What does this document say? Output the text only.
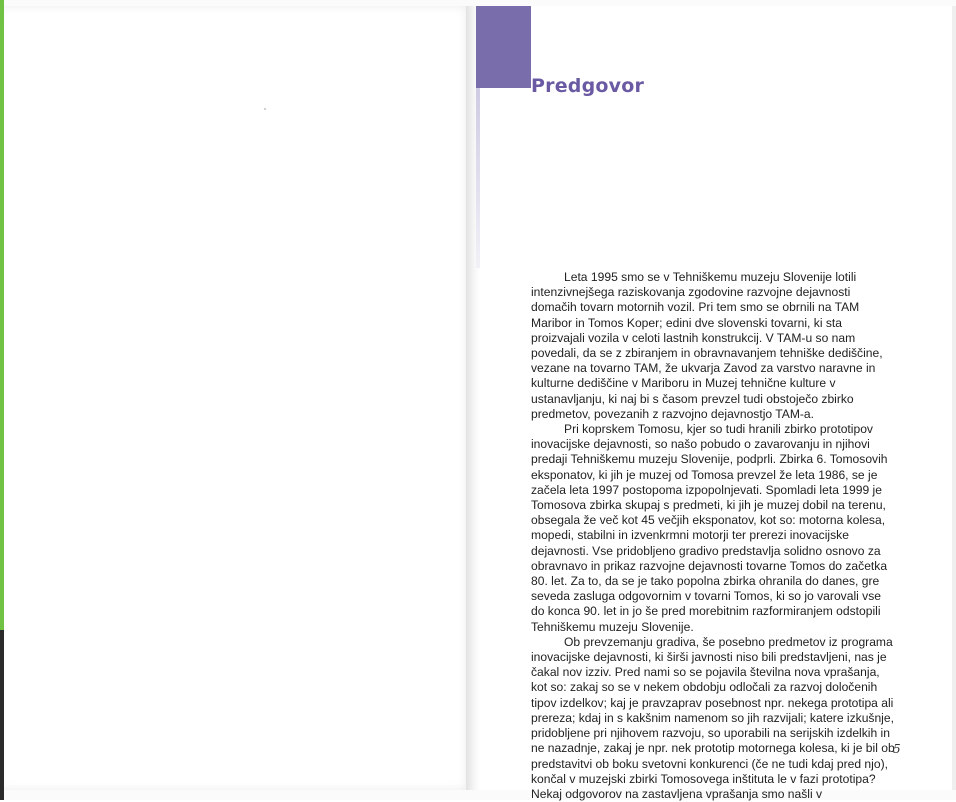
Predgovor

Leta 1995 smo se v Tehniškemu muzeju Slovenije lotili intenzivnejšega raziskovanja zgodovine razvojne dejavnosti domačih tovarn motornih vozil. Pri tem smo se obrnili na TAM Maribor in Tomos Koper; edini dve slovenski tovarni, ki sta proizvajali vozila v celoti lastnih konstrukcij. V TAM-u so nam povedali, da se z zbiranjem in obravnavanjem tehniške dediščine, vezane na tovarno TAM, že ukvarja Zavod za varstvo naravne in kulturne dediščine v Mariboru in Muzej tehnične kulture v ustanavljanju, ki naj bi s časom prevzel tudi obstoječo zbirko predmetov, povezanih z razvojno dejavnostjo TAM-a.

Pri koprskem Tomosu, kjer so tudi hranili zbirko prototipov inovacijske dejavnosti, so našo pobudo o zavarovanju in njihovi predaji Tehniškemu muzeju Slovenije, podprli. Zbirka 6. Tomosovih eksponatov, ki jih je muzej od Tomosa prevzel že leta 1986, se je začela leta 1997 postopoma izpopolnjevati. Spomladi leta 1999 je Tomosova zbirka skupaj s predmeti, ki jih je muzej dobil na terenu, obsegala že več kot 45 večjih eksponatov, kot so: motorna kolesa, mopedi, stabilni in izvenkrmni motorji ter prerezi inovacijske dejavnosti. Vse pridobljeno gradivo predstavlja solidno osnovo za obravnavo in prikaz razvojne dejavnosti tovarne Tomos do začetka 80. let. Za to, da se je tako popolna zbirka ohranila do danes, gre seveda zasluga odgovornim v tovarni Tomos, ki so jo varovali vse do konca 90. let in jo še pred morebitnim razformiranjem odstopili Tehniškemu muzeju Slovenije.

Ob prevzemanju gradiva, še posebno predmetov iz programa inovacijske dejavnosti, ki širši javnosti niso bili predstavljeni, nas je čakal nov izziv. Pred nami so se pojavila številna nova vprašanja, kot so: zakaj so se v nekem obdobju odločali za razvoj določenih tipov izdelkov; kaj je pravzaprav posebnost npr. nekega prototipa ali prereza; kdaj in s kakšnim namenom so jih razvijali; katere izkušnje, pridobljene pri njihovem razvoju, so uporabili na serijskih izdelkih in ne nazadnje, zakaj je npr. nek prototip motornega kolesa, ki je bil ob predstavitvi ob boku svetovni konkurenci (če ne tudi kdaj pred njo), končal v muzejski zbirki Tomosovega inštituta le v fazi prototipa? Nekaj odgovorov na zastavljena vprašanja smo našli v

5
